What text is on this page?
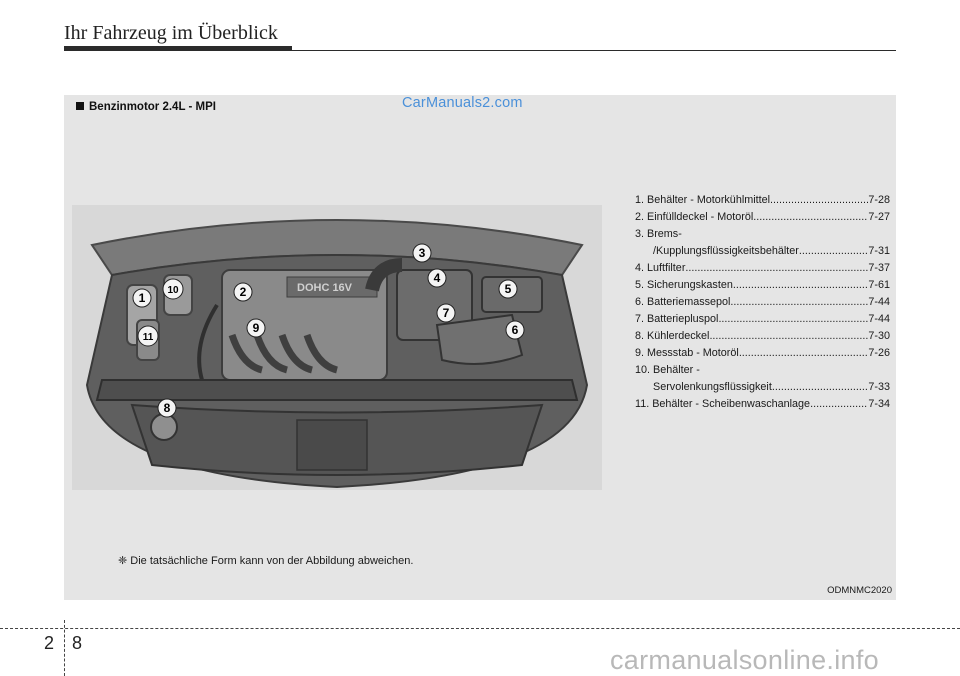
Ihr Fahrzeug im Überblick
Benzinmotor 2.4L - MPI	CarManuals2.com
DOHC 16V
1	2
3
4
5
6
7
8
9
10
11
1. Behälter - Motorkühlmittel .....	7-28
2. Einfülldeckel - Motoröl .....	7-27
3. Brems-
/Kupplungsflüssigkeitsbehälter .....	7-31
4. Luftfilter .....	7-37
5. Sicherungskasten .....	7-61
6. Batteriemassepol .....	7-44
7. Batteriepluspol .....	7-44
8. Kühlerdeckel .....	7-30
9. Messstab - Motoröl .....	7-26
10. Behälter -
Servolenkungsflüssigkeit .....	7-33
11. Behälter - Scheibenwaschanlage .....	7-34
❈ Die tatsächliche Form kann von der Abbildung abweichen.
ODMNMC2020
2 8
carmanualsonline.info
